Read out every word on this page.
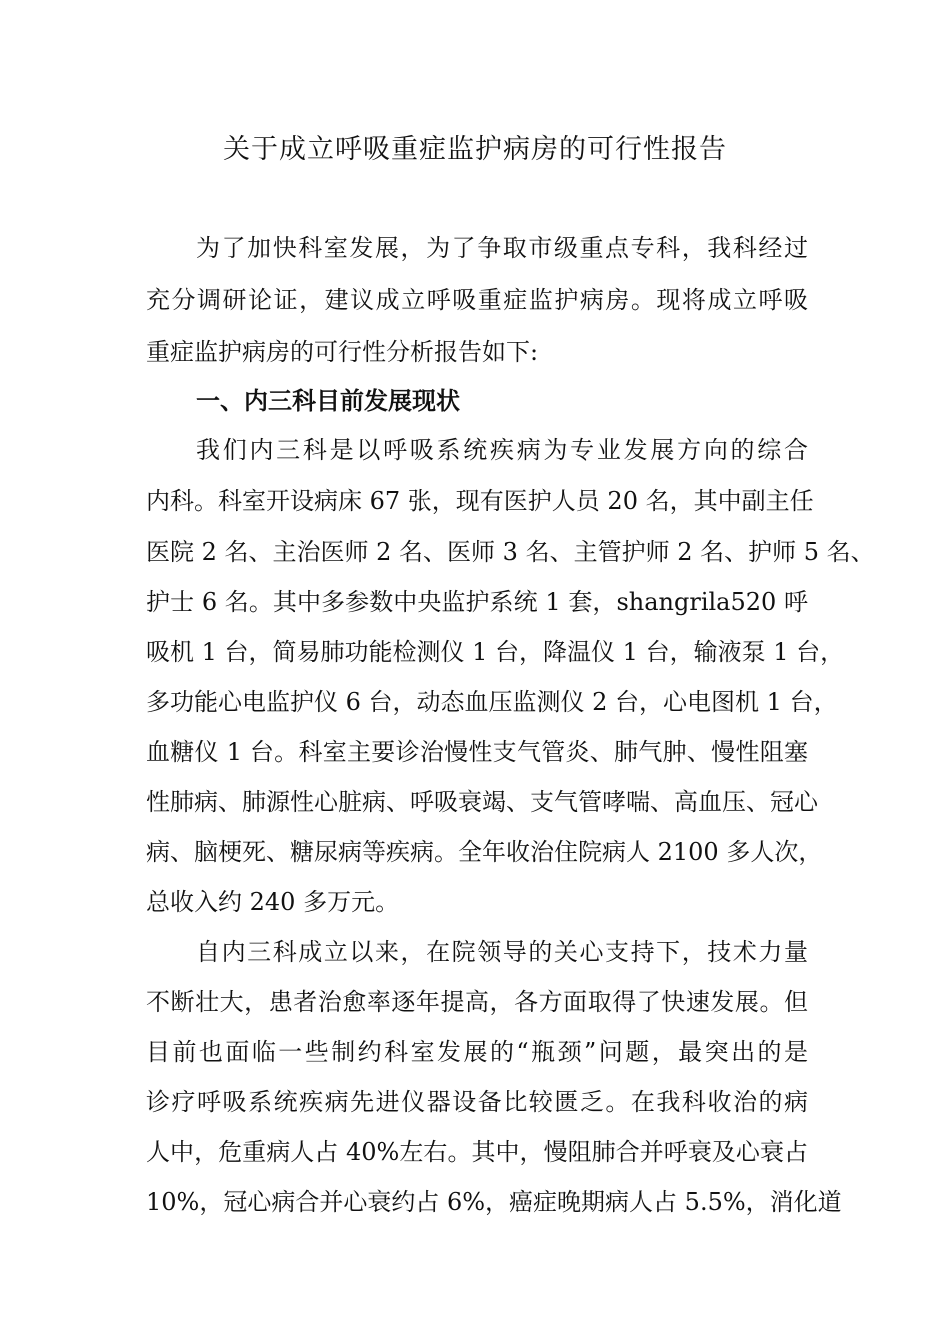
关于成立呼吸重症监护病房的可行性报告
为了加快科室发展，为了争取市级重点专科，我科经过
充分调研论证，建议成立呼吸重症监护病房。现将成立呼吸
重症监护病房的可行性分析报告如下:
一、内三科目前发展现状
我们内三科是以呼吸系统疾病为专业发展方向的综合
内科。科室开设病床 67 张，现有医护人员 20 名，其中副主任
医院 2 名、主治医师 2 名、医师 3 名、主管护师 2 名、护师 5 名、
护士 6 名。其中多参数中央监护系统 1 套，shangrila520 呼
吸机 1 台，简易肺功能检测仪 1 台，降温仪 1 台，输液泵 1 台，
多功能心电监护仪 6 台，动态血压监测仪 2 台，心电图机 1 台，
血糖仪 1 台。科室主要诊治慢性支气管炎、肺气肿、慢性阻塞
性肺病、肺源性心脏病、呼吸衰竭、支气管哮喘、高血压、冠心
病、脑梗死、糖尿病等疾病。全年收治住院病人 2100 多人次，
总收入约 240 多万元。
自内三科成立以来，在院领导的关心支持下，技术力量
不断壮大，患者治愈率逐年提高，各方面取得了快速发展。但
目前也面临一些制约科室发展的“瓶颈”问题，最突出的是
诊疗呼吸系统疾病先进仪器设备比较匮乏。在我科收治的病
人中，危重病人占 40%左右。其中，慢阻肺合并呼衰及心衰占
10%，冠心病合并心衰约占 6%，癌症晚期病人占 5.5%，消化道
